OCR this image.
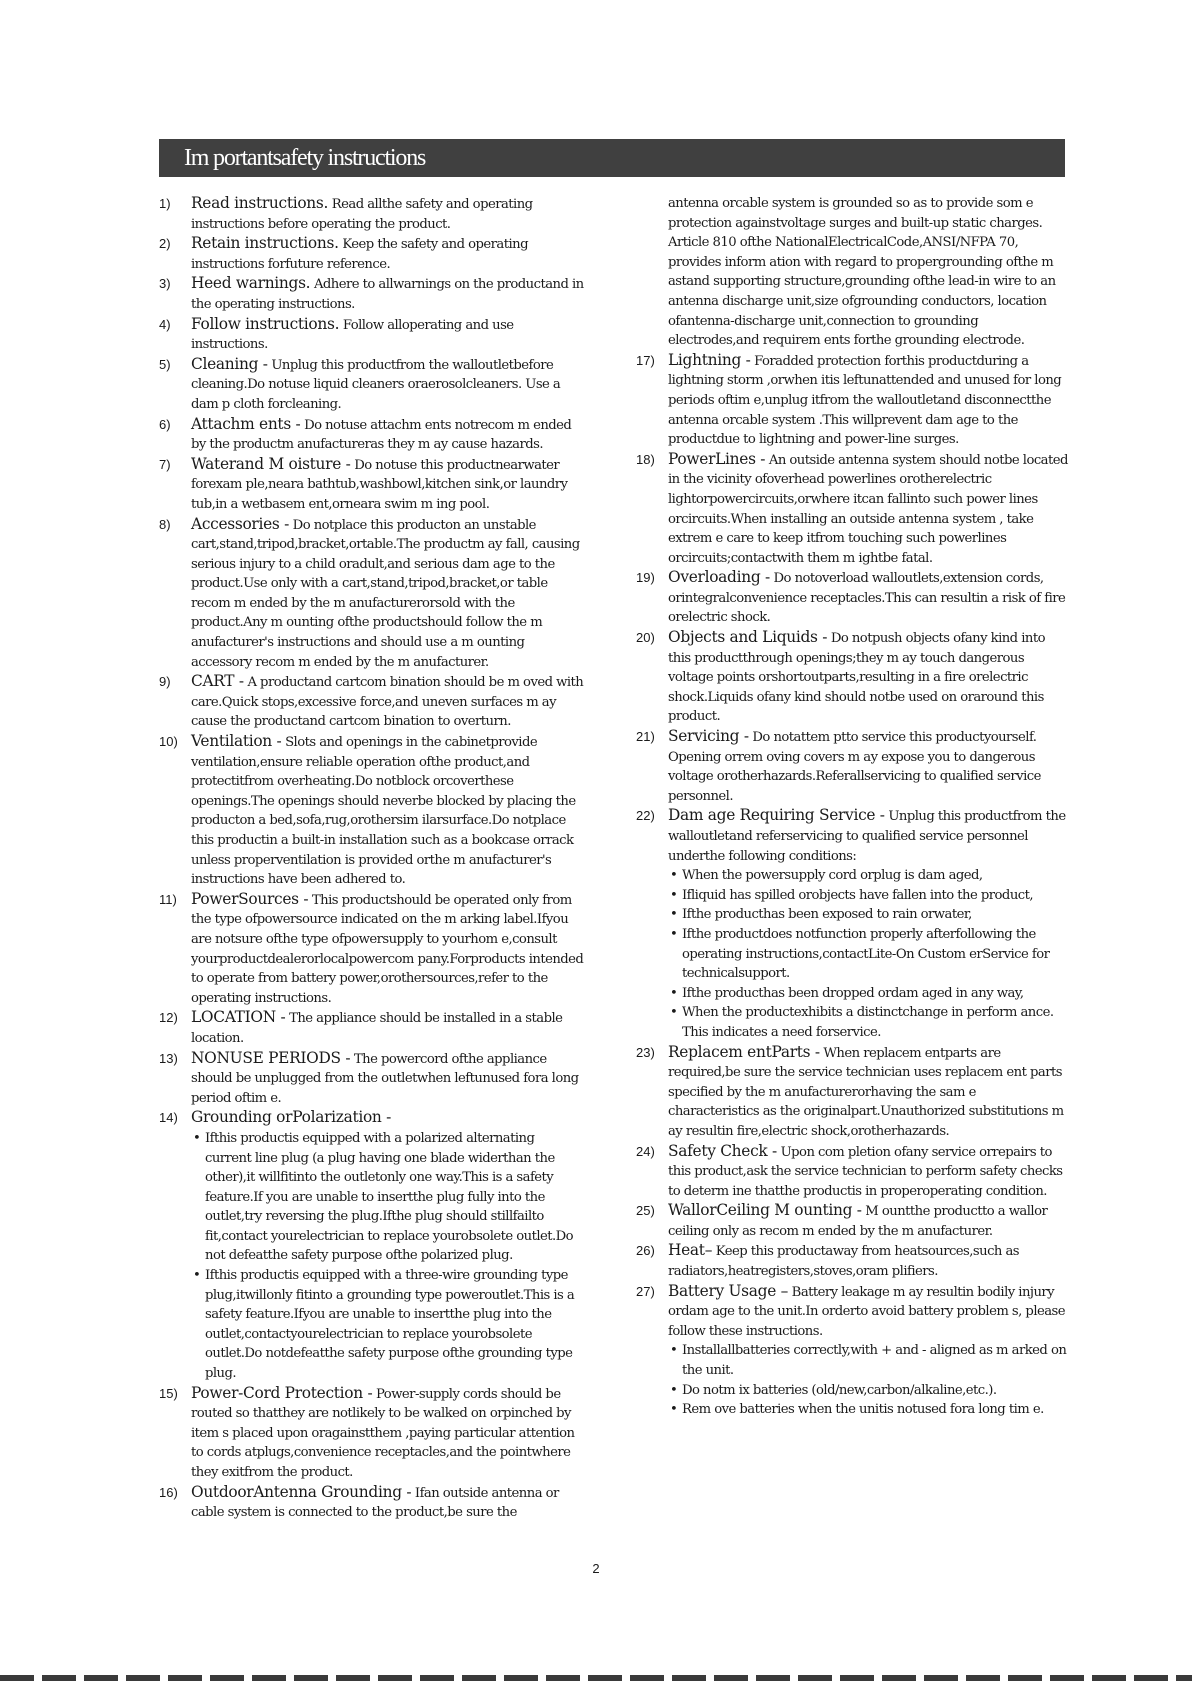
Im portantsafety instructions
1) Read instructions. Read allthe safety and operating instructions before operating the product.
2) Retain instructions. Keep the safety and operating instructions forfuture reference.
3) Heed warnings. Adhere to allwarnings on the productand in the operating instructions.
4) Follow instructions. Follow alloperating and use instructions.
5) Cleaning - Unplug this productfrom the walloutletbefore cleaning.Do notuse liquid cleaners oraerosolcleaners. Use a dam p cloth forcleaning.
6) Attachm ents - Do notuse attachm ents notrecom m ended by the productm anufactureras they m ay cause hazards.
7) Waterand M oisture - Do notuse this productnearwater forexam ple,neara bathtub,washbowl,kitchen sink,or laundry tub,in a wetbasem ent,orneara swim m ing pool.
8) Accessories - Do notplace this producton an unstable cart,stand,tripod,bracket,ortable.The productm ay fall, causing serious injury to a child oradult,and serious dam age to the product.Use only with a cart,stand,tripod,bracket,or table recom m ended by the m anufacturerorsold with the product.Any m ounting ofthe productshould follow the m anufacturer's instructions and should use a m ounting accessory recom m ended by the m anufacturer.
9) CART - A productand cartcom bination should be m oved with care.Quick stops,excessive force,and uneven surfaces m ay cause the productand cartcom bination to overturn.
10) Ventilation - Slots and openings in the cabinetprovide ventilation,ensure reliable operation ofthe product,and protectitfrom overheating.Do notblock orcoverthese openings.The openings should neverbe blocked by placing the producton a bed,sofa,rug,orothersim ilarsurface.Do notplace this productin a built-in installation such as a bookcase orrack unless properventilation is provided orthe m anufacturer's instructions have been adhered to.
11) PowerSources - This productshould be operated only from the type ofpowersource indicated on the m arking label.Ifyou are notsure ofthe type ofpowersupply to yourhom e,consult yourproductdealerorlocalpowercom pany.Forproducts intended to operate from battery power,orothersources,refer to the operating instructions.
12) LOCATION - The appliance should be installed in a stable location.
13) NONUSE PERIODS - The powercord ofthe appliance should be unplugged from the outletwhen leftunused fora long period oftim e.
14) Grounding orPolarization -
• Ifthis productis equipped with a polarized alternating current line plug (a plug having one blade widerthan the other),it willfitinto the outletonly one way.This is a safety feature.If you are unable to insertthe plug fully into the outlet,try reversing the plug.Ifthe plug should stillfailto fit,contact yourelectrician to replace yourobsolete outlet.Do not defeatthe safety purpose ofthe polarized plug.
• Ifthis productis equipped with a three-wire grounding type plug,itwillonly fitinto a grounding type poweroutlet.This is a safety feature.Ifyou are unable to insertthe plug into the outlet,contactyourelectrician to replace yourobsolete outlet.Do notdefeatthe safety purpose ofthe grounding type plug.
15) Power-Cord Protection - Power-supply cords should be routed so thatthey are notlikely to be walked on orpinched by item s placed upon oragainstthem ,paying particular attention to cords atplugs,convenience receptacles,and the pointwhere they exitfrom the product.
16) OutdoorAntenna Grounding - Ifan outside antenna or cable system is connected to the product,be sure the
antenna orcable system is grounded so as to provide som e protection againstvoltage surges and built-up static charges. Article 810 ofthe NationalElectricalCode,ANSI/NFPA 70, provides inform ation with regard to propergrounding ofthe m astand supporting structure,grounding ofthe lead-in wire to an antenna discharge unit,size ofgrounding conductors, location ofantenna-discharge unit,connection to grounding electrodes,and requirem ents forthe grounding electrode.
17) Lightning - Foradded protection forthis productduring a lightning storm ,orwhen itis leftunattended and unused for long periods oftim e,unplug itfrom the walloutletand disconnectthe antenna orcable system .This willprevent dam age to the productdue to lightning and power-line surges.
18) PowerLines - An outside antenna system should notbe located in the vicinity ofoverhead powerlines orotherelectric lightorpowercircuits,orwhere itcan fallinto such power lines orcircuits.When installing an outside antenna system , take extrem e care to keep itfrom touching such powerlines orcircuits;contactwith them m ightbe fatal.
19) Overloading - Do notoverload walloutlets,extension cords, orintegralconvenience receptacles.This can resultin a risk of fire orelectric shock.
20) Objects and Liquids - Do notpush objects ofany kind into this productthrough openings;they m ay touch dangerous voltage points orshortoutparts,resulting in a fire orelectric shock.Liquids ofany kind should notbe used on oraround this product.
21) Servicing - Do notattem ptto service this productyourself. Opening orrem oving covers m ay expose you to dangerous voltage orotherhazards.Referallservicing to qualified service personnel.
22) Dam age Requiring Service - Unplug this productfrom the walloutletand referservicing to qualified service personnel underthe following conditions:
• When the powersupply cord orplug is dam aged,
• Ifliquid has spilled orobjects have fallen into the product,
• Ifthe producthas been exposed to rain orwater,
• Ifthe productdoes notfunction properly afterfollowing the operating instructions,contactLite-On Custom erService for technicalsupport.
• Ifthe producthas been dropped ordam aged in any way,
• When the productexhibits a distinctchange in perform ance. This indicates a need forservice.
23) Replacem entParts - When replacem entparts are required,be sure the service technician uses replacem ent parts specified by the m anufacturerorhaving the sam e characteristics as the originalpart.Unauthorized substitutions m ay resultin fire,electric shock,orotherhazards.
24) Safety Check - Upon com pletion ofany service orrepairs to this product,ask the service technician to perform safety checks to determ ine thatthe productis in properoperating condition.
25) WallorCeiling M ounting - M ountthe productto a wallor ceiling only as recom m ended by the m anufacturer.
26) Heat– Keep this productaway from heatsources,such as radiators,heatregisters,stoves,oram plifiers.
27) Battery Usage – Battery leakage m ay resultin bodily injury ordam age to the unit.In orderto avoid battery problem s, please follow these instructions.
• Installallbatteries correctly,with + and - aligned as m arked on the unit.
• Do notm ix batteries (old/new,carbon/alkaline,etc.).
• Rem ove batteries when the unitis notused fora long tim e.
2
